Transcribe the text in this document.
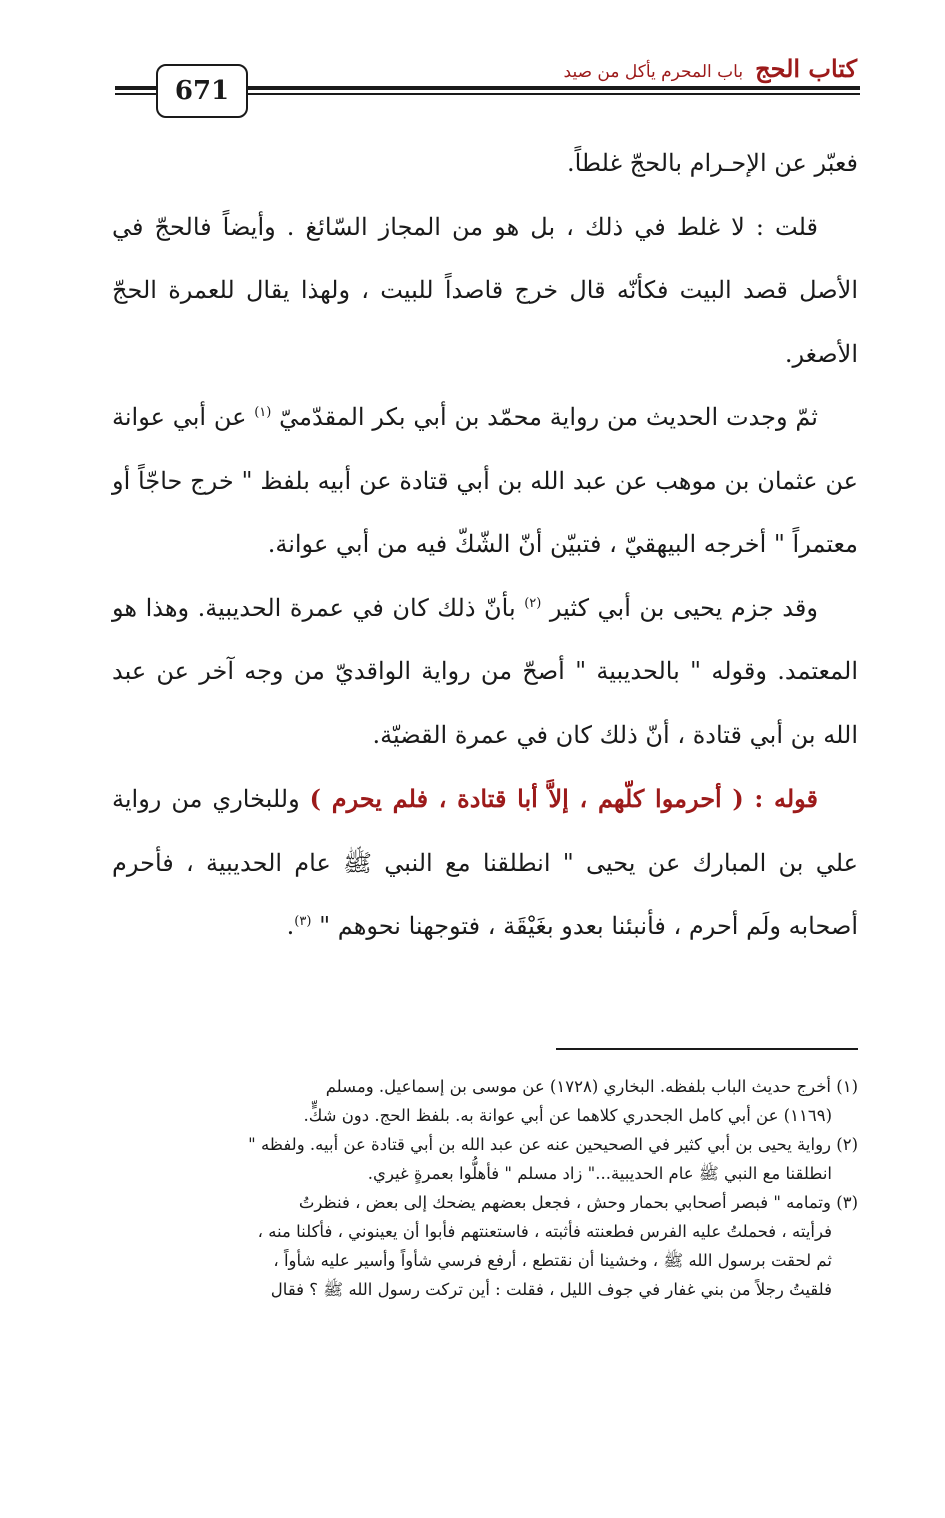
671
كتاب الحج
باب المحرم يأكل من صيد

فعبّر عن الإحـرام بالحجّ غلطاً.

قلت : لا غلط في ذلك ، بل هو من المجاز السّائغ . وأيضاً فالحجّ في الأصل قصد البيت فكأنّه قال خرج قاصداً للبيت ، ولهذا يقال للعمرة الحجّ الأصغر.

ثمّ وجدت الحديث من رواية محمّد بن أبي بكر المقدّميّ $^{(١)}$ عن أبي عوانة عن عثمان بن موهب عن عبد الله بن أبي قتادة عن أبيه بلفظ " خرج حاجّاً أو معتمراً " أخرجه البيهقيّ ، فتبيّن أنّ الشّكّ فيه من أبي عوانة.

وقد جزم يحيى بن أبي كثير $^{(٢)}$ بأنّ ذلك كان في عمرة الحديبية. وهذا هو المعتمد. وقوله " بالحديبية " أصحّ من رواية الواقديّ من وجه آخر عن عبد الله بن أبي قتادة ، أنّ ذلك كان في عمرة القضيّة.

قوله : ( أحرموا كلّهم ، إلاَّ أبا قتادة ، فلم يحرم ) وللبخاري من رواية علي بن المبارك عن يحيى " انطلقنا مع النبي ﷺ عام الحديبية ، فأحرم أصحابه ولَم أحرم ، فأنبئنا بعدو بغَيْقَة ، فتوجهنا نحوهم " $^{(٣)}$.

(١) أخرج حديث الباب بلفظه. البخاري (١٧٢٨) عن موسى بن إسماعيل. ومسلم

(١١٦٩) عن أبي كامل الجحدري كلاهما عن أبي عوانة به. بلفظ الحج. دون شكٍّ.

(٢) رواية يحيى بن أبي كثير في الصحيحين عنه عن عبد الله بن أبي قتادة عن أبيه. ولفظه "

انطلقنا مع النبي ﷺ عام الحديبية..." زاد مسلم " فأهلُّوا بعمرةٍ غيري.

(٣) وتمامه " فبصر أصحابي بحمار وحش ، فجعل بعضهم يضحك إلى بعض ، فنظرتُ

فرأيته ، فحملتُ عليه الفرس فطعنته فأثبته ، فاستعنتهم فأبوا أن يعينوني ، فأكلنا منه ،

ثم لحقت برسول الله ﷺ ، وخشينا أن نقتطع ، أرفع فرسي شأواً وأسير عليه شأواً ،

فلقيتُ رجلاً من بني غفار في جوف الليل ، فقلت : أين تركت رسول الله ﷺ ؟ فقال
